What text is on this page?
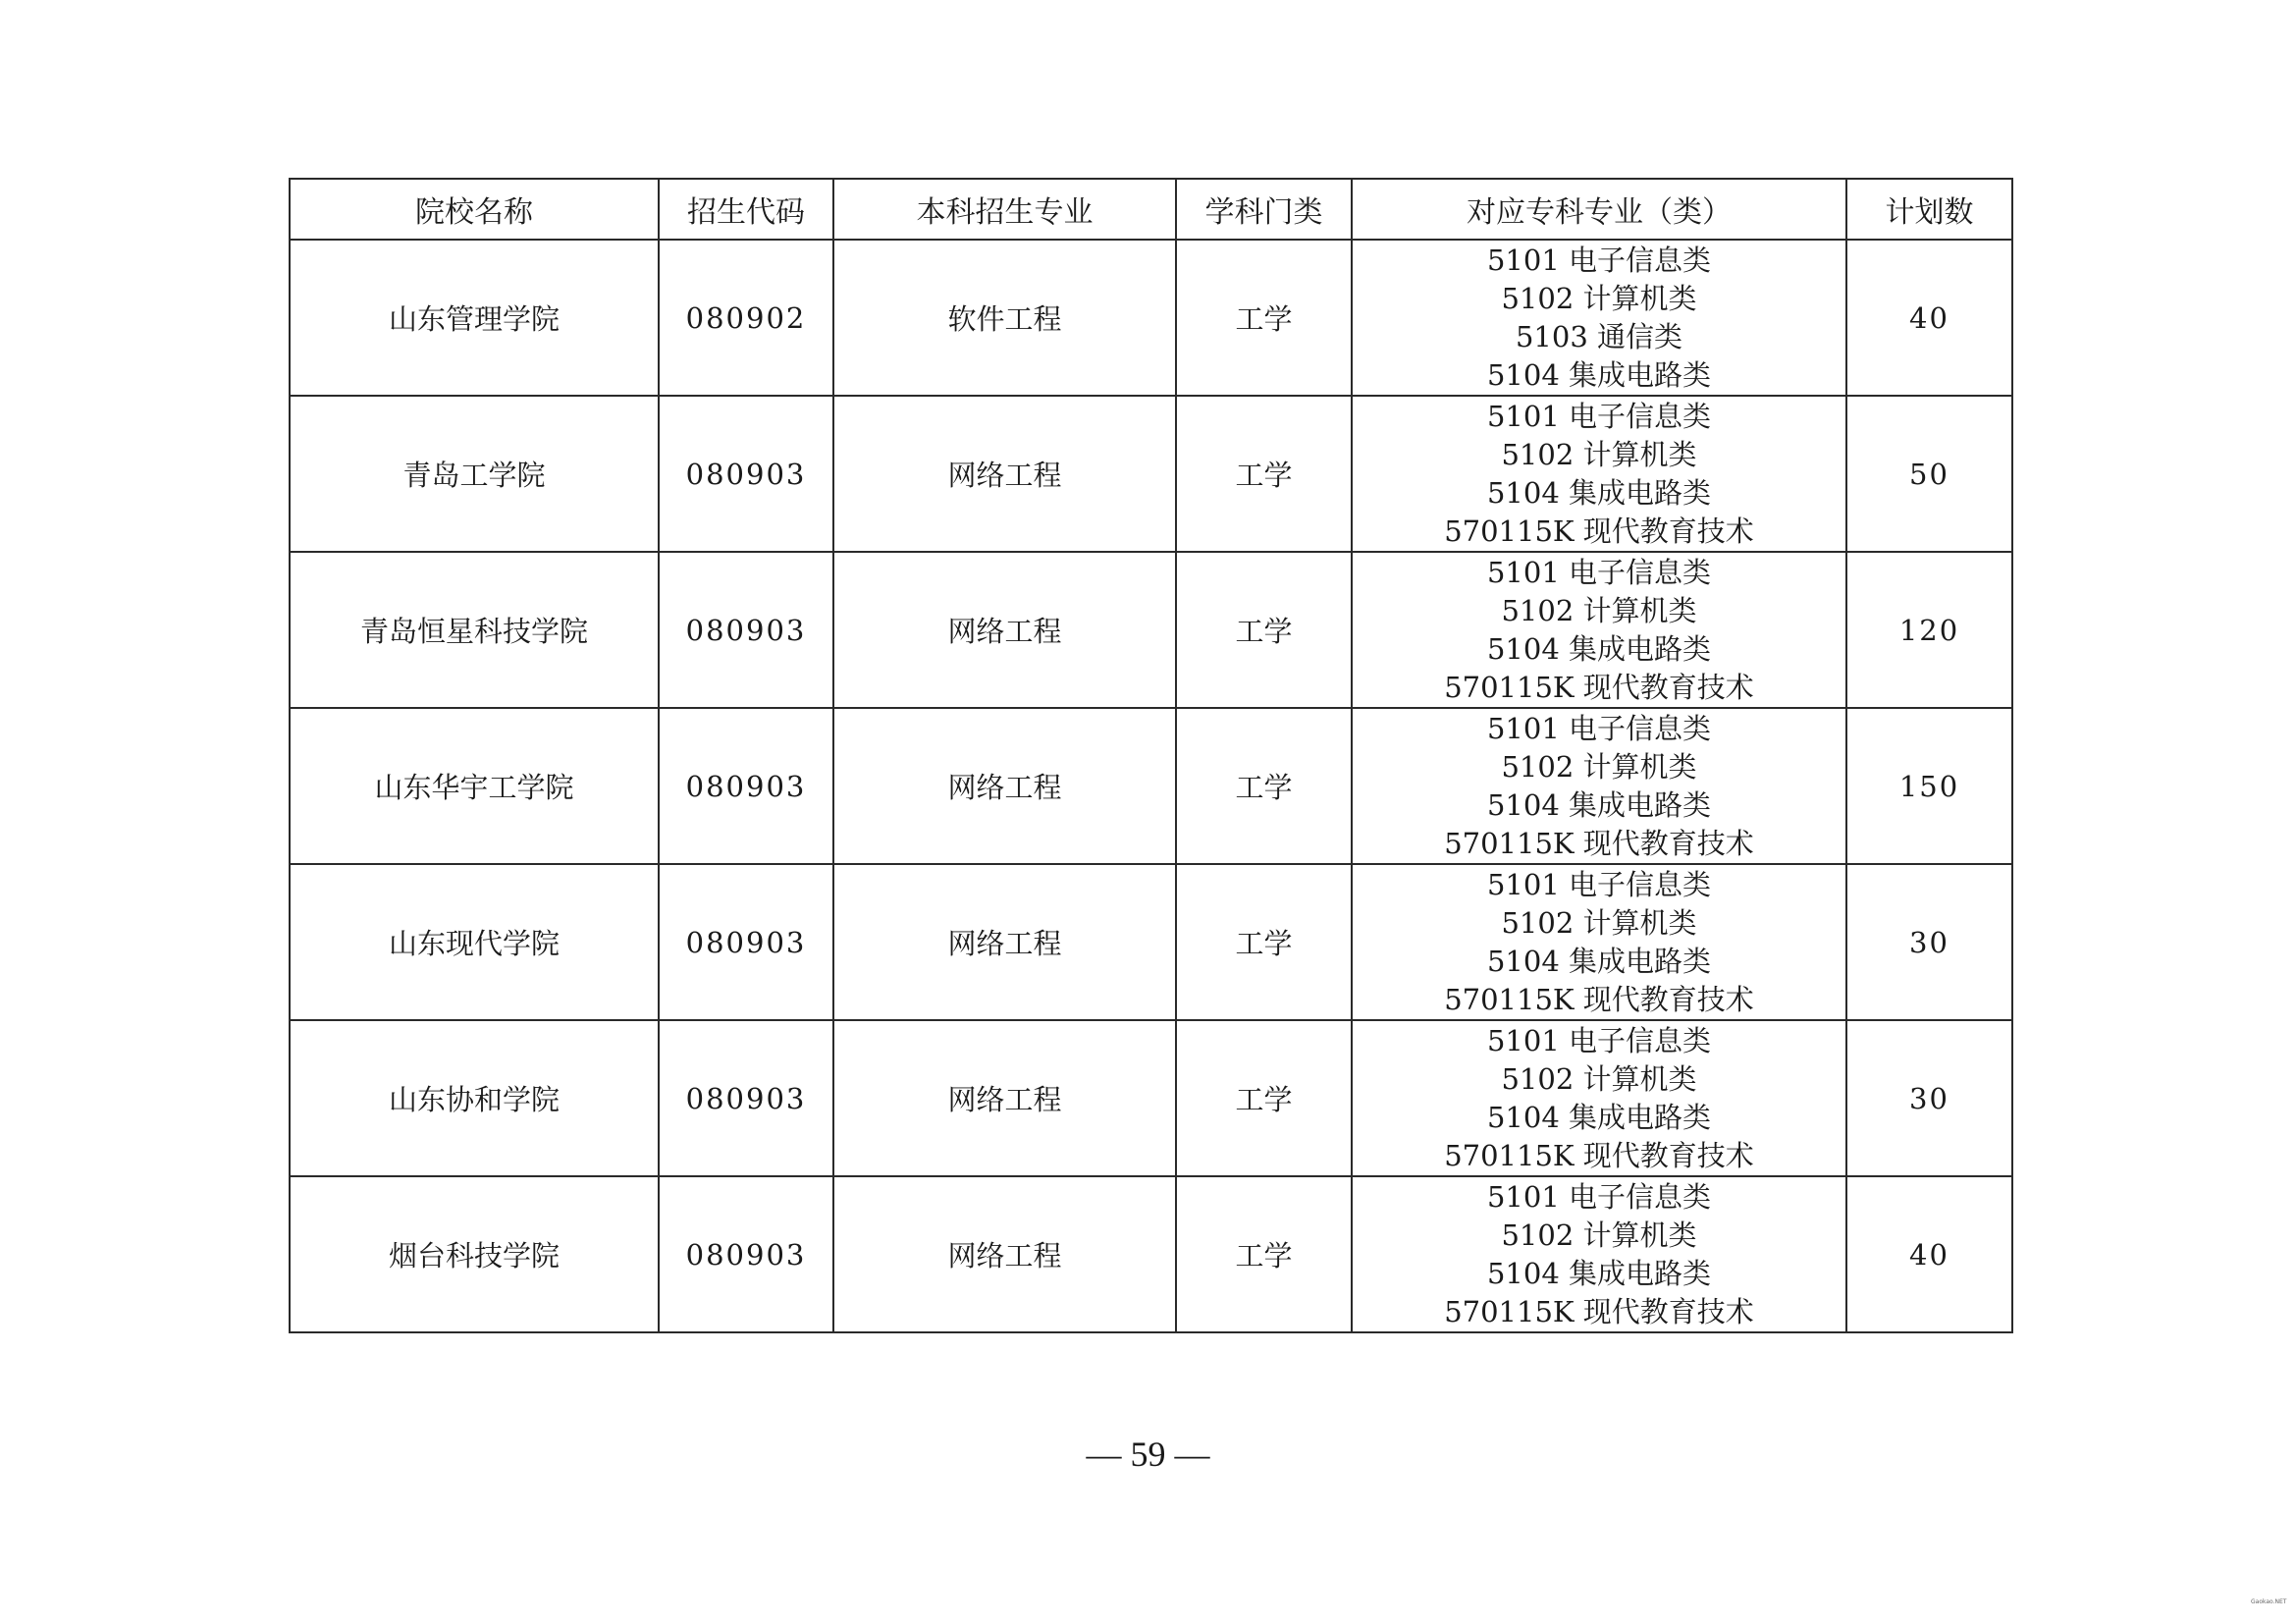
院校名称	招生代码	本科招生专业	学科门类	对应专科专业（类）	计划数
山东管理学院	080902	软件工程	工学	5101 电子信息类
5102 计算机类
5103 通信类
5104 集成电路类	40
青岛工学院	080903	网络工程	工学	5101 电子信息类
5102 计算机类
5104 集成电路类
570115K 现代教育技术	50
青岛恒星科技学院	080903	网络工程	工学	5101 电子信息类
5102 计算机类
5104 集成电路类
570115K 现代教育技术	120
山东华宇工学院	080903	网络工程	工学	5101 电子信息类
5102 计算机类
5104 集成电路类
570115K 现代教育技术	150
山东现代学院	080903	网络工程	工学	5101 电子信息类
5102 计算机类
5104 集成电路类
570115K 现代教育技术	30
山东协和学院	080903	网络工程	工学	5101 电子信息类
5102 计算机类
5104 集成电路类
570115K 现代教育技术	30
烟台科技学院	080903	网络工程	工学	5101 电子信息类
5102 计算机类
5104 集成电路类
570115K 现代教育技术	40
— 59 —
Gaokao.NET
